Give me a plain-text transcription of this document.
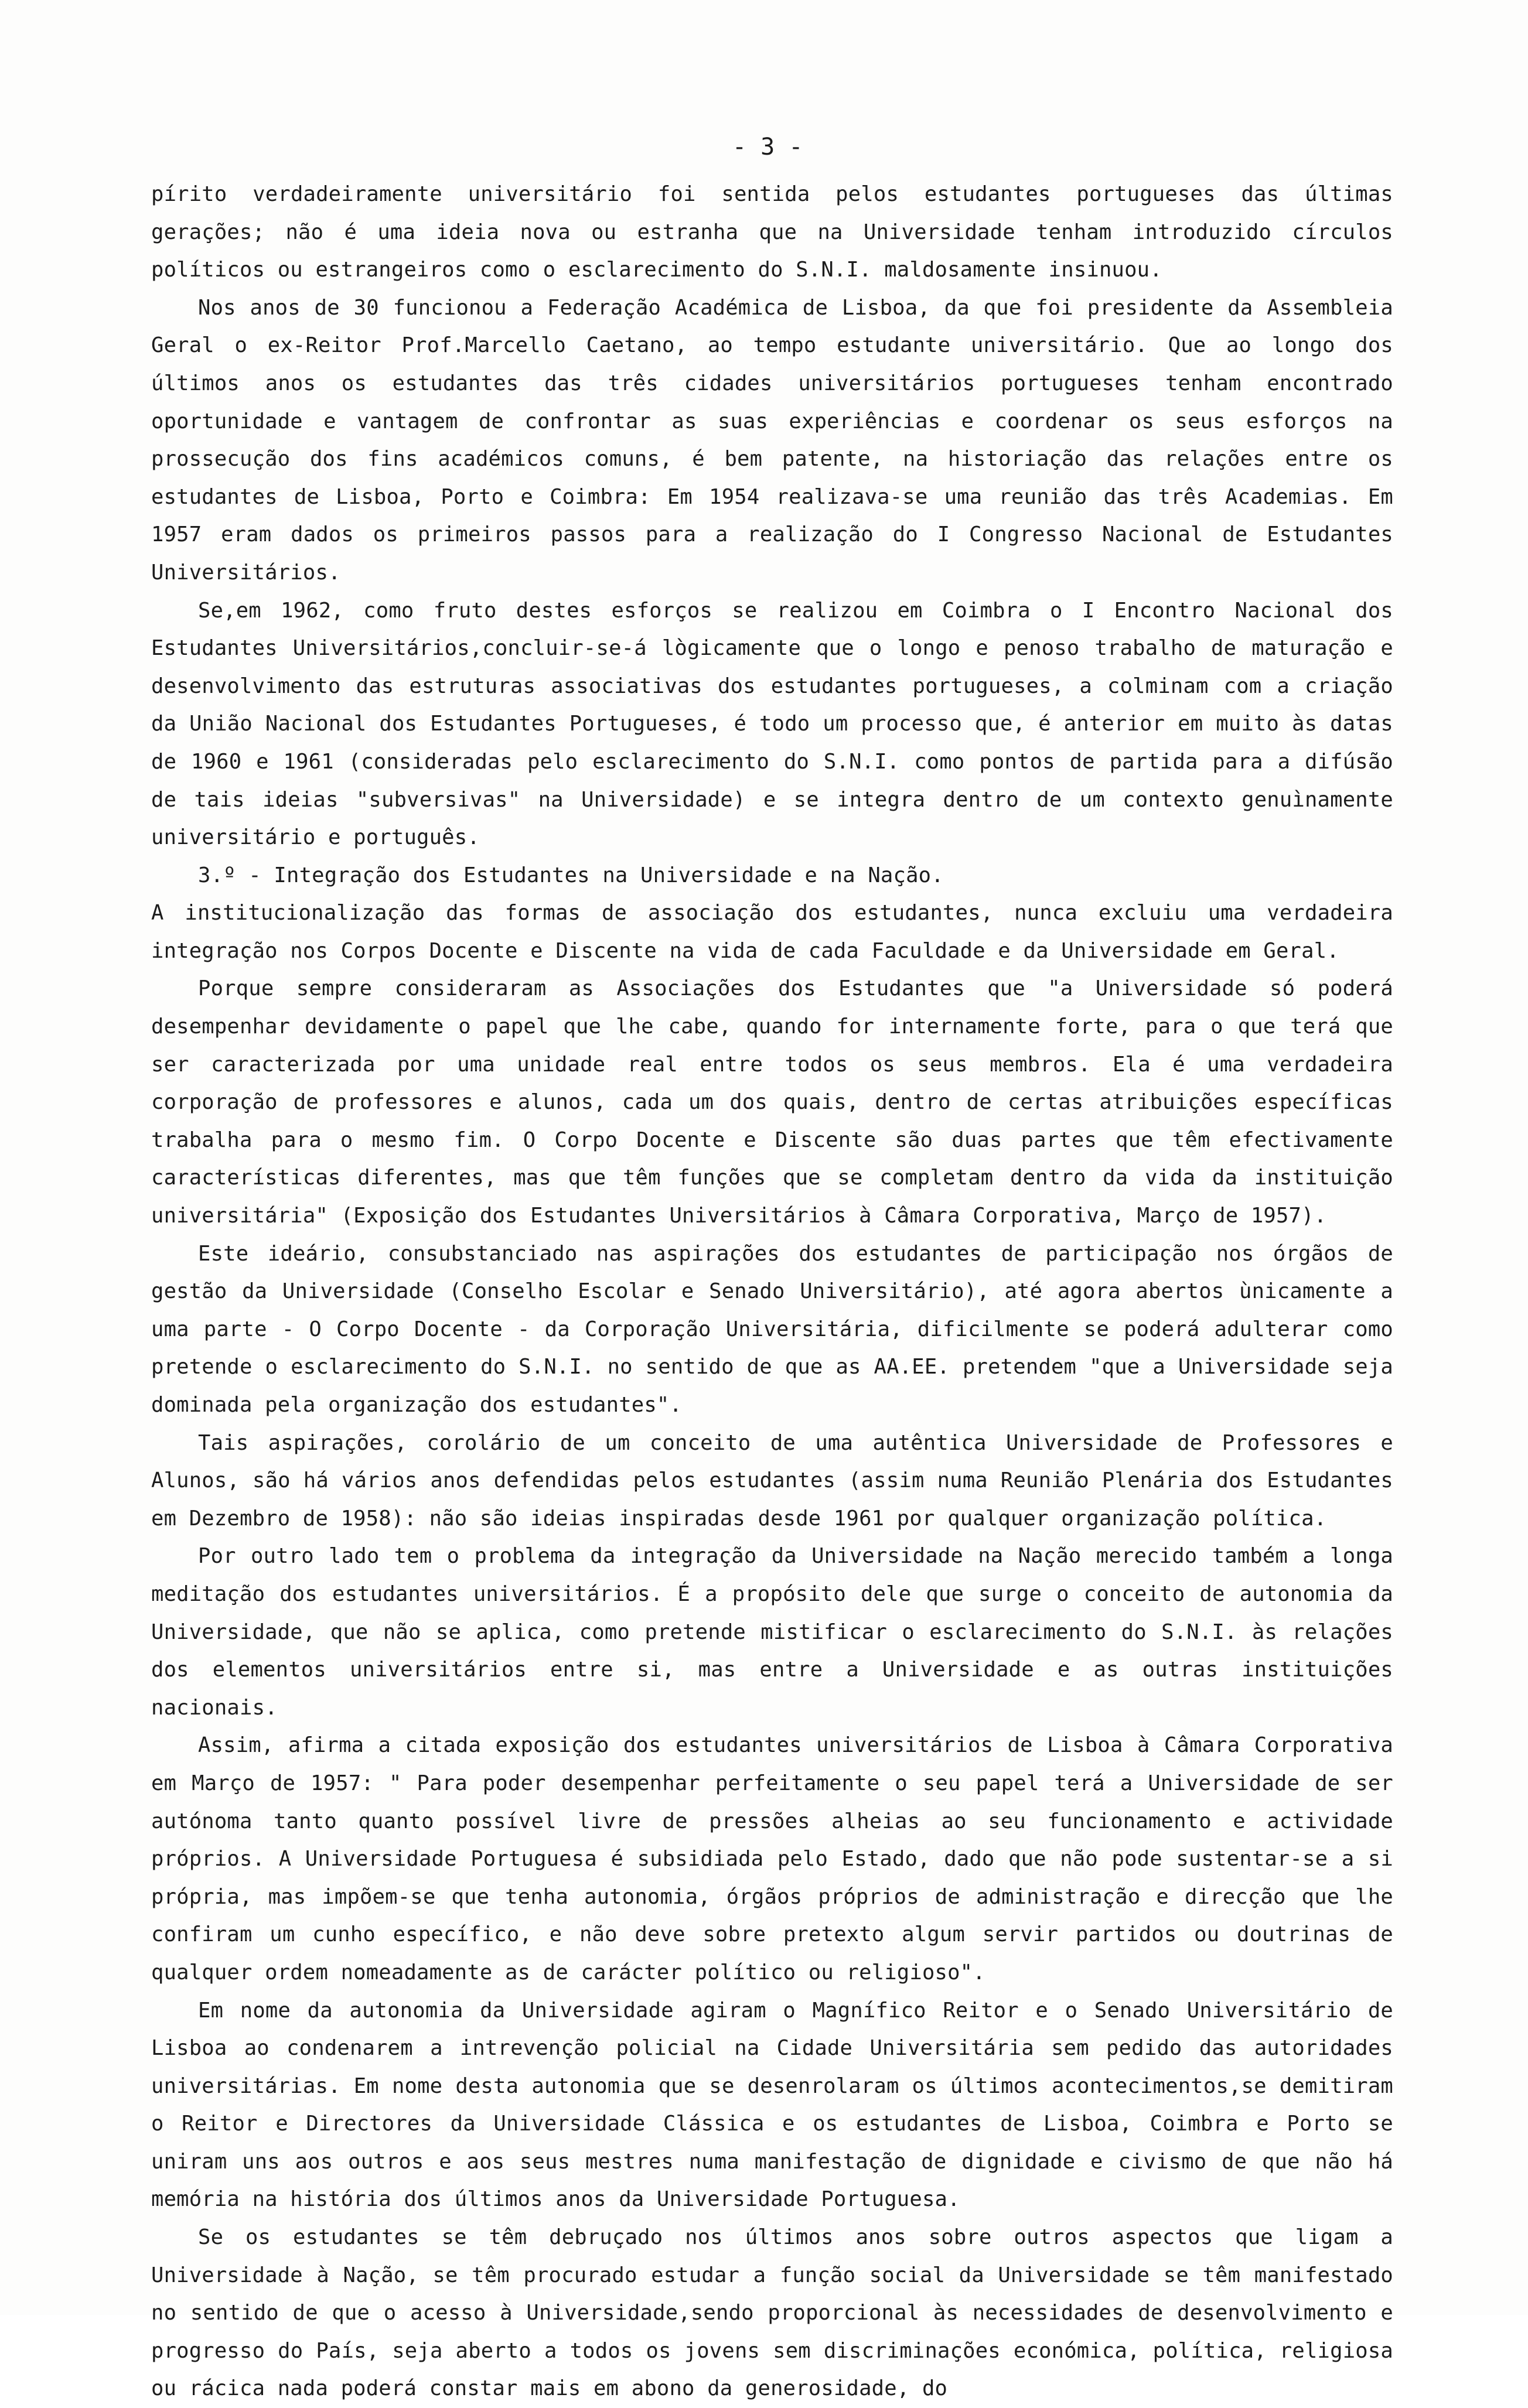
- 3 -

pírito verdadeiramente universitário foi sentida pelos estudantes portugueses das últimas gerações; não é uma ideia nova ou estranha que na Universidade tenham introduzido círculos políticos ou estrangeiros como o esclarecimento do S.N.I. maldosamente insinuou.

Nos anos de 30 funcionou a Federação Académica de Lisboa, da que foi presidente da Assembleia Geral o ex-Reitor Prof.Marcello Caetano, ao tempo estudante universitário. Que ao longo dos últimos anos os estudantes das três cidades universitários portugueses tenham encontrado oportunidade e vantagem de confrontar as suas experiências e coordenar os seus esforços na prossecução dos fins académicos comuns, é bem patente, na historiação das relações entre os estudantes de Lisboa, Porto e Coimbra: Em 1954 realizava-se uma reunião das três Academias. Em 1957 eram dados os primeiros passos para a realização do I Congresso Nacional de Estudantes Universitários.

Se,em 1962, como fruto destes esforços se realizou em Coimbra o I Encontro Nacional dos Estudantes Universitários,concluir-se-á lògicamente que o longo e penoso trabalho de maturação e desenvolvimento das estruturas associativas dos estudantes portugueses, a colminam com a criação da União Nacional dos Estudantes Portugueses, é todo um processo que, é anterior em muito às datas de 1960 e 1961 (consideradas pelo esclarecimento do S.N.I. como pontos de partida para a difúsão de tais ideias "subversivas" na Universidade) e se integra dentro de um contexto genuìnamente universitário e português.

3.º - Integração dos Estudantes na Universidade e na Nação.

A institucionalização das formas de associação dos estudantes, nunca excluiu uma verdadeira integração nos Corpos Docente e Discente na vida de cada Faculdade e da Universidade em Geral.

Porque sempre consideraram as Associações dos Estudantes que "a Universidade só poderá desempenhar devidamente o papel que lhe cabe, quando for internamente forte, para o que terá que ser caracterizada por uma unidade real entre todos os seus membros. Ela é uma verdadeira corporação de professores e alunos, cada um dos quais, dentro de certas atribuições específicas trabalha para o mesmo fim. O Corpo Docente e Discente são duas partes que têm efectivamente características diferentes, mas que têm funções que se completam dentro da vida da instituição universitária" (Exposição dos Estudantes Universitários à Câmara Corporativa, Março de 1957).

Este ideário, consubstanciado nas aspirações dos estudantes de participação nos órgãos de gestão da Universidade (Conselho Escolar e Senado Universitário), até agora abertos ùnicamente a uma parte - O Corpo Docente - da Corporação Universitária, dificilmente se poderá adulterar como pretende o esclarecimento do S.N.I. no sentido de que as AA.EE. pretendem "que a Universidade seja dominada pela organização dos estudantes".

Tais aspirações, corolário de um conceito de uma autêntica Universidade de Professores e Alunos, são há vários anos defendidas pelos estudantes (assim numa Reunião Plenária dos Estudantes em Dezembro de 1958): não são ideias inspiradas desde 1961 por qualquer organização política.

Por outro lado tem o problema da integração da Universidade na Nação merecido também a longa meditação dos estudantes universitários. É a propósito dele que surge o conceito de autonomia da Universidade, que não se aplica, como pretende mistificar o esclarecimento do S.N.I. às relações dos elementos universitários entre si, mas entre a Universidade e as outras instituições nacionais.

Assim, afirma a citada exposição dos estudantes universitários de Lisboa à Câmara Corporativa em Março de 1957: " Para poder desempenhar perfeitamente o seu papel terá a Universidade de ser autónoma tanto quanto possível livre de pressões alheias ao seu funcionamento e actividade próprios. A Universidade Portuguesa é subsidiada pelo Estado, dado que não pode sustentar-se a si própria, mas impõem-se que tenha autonomia, órgãos próprios de administração e direcção que lhe confiram um cunho específico, e não deve sobre pretexto algum servir partidos ou doutrinas de qualquer ordem nomeadamente as de carácter político ou religioso".

Em nome da autonomia da Universidade agiram o Magnífico Reitor e o Senado Universitário de Lisboa ao condenarem a intrevenção policial na Cidade Universitária sem pedido das autoridades universitárias. Em nome desta autonomia que se desenrolaram os últimos acontecimentos,se demitiram o Reitor e Directores da Universidade Clássica e os estudantes de Lisboa, Coimbra e Porto se uniram uns aos outros e aos seus mestres numa manifestação de dignidade e civismo de que não há memória na história dos últimos anos da Universidade Portuguesa.

Se os estudantes se têm debruçado nos últimos anos sobre outros aspectos que ligam a Universidade à Nação, se têm procurado estudar a função social da Universidade se têm manifestado no sentido de que o acesso à Universidade,sendo proporcional às necessidades de desenvolvimento e progresso do País, seja aberto a todos os jovens sem discriminações económica, política, religiosa ou rácica nada poderá constar mais em abono da generosidade, do
